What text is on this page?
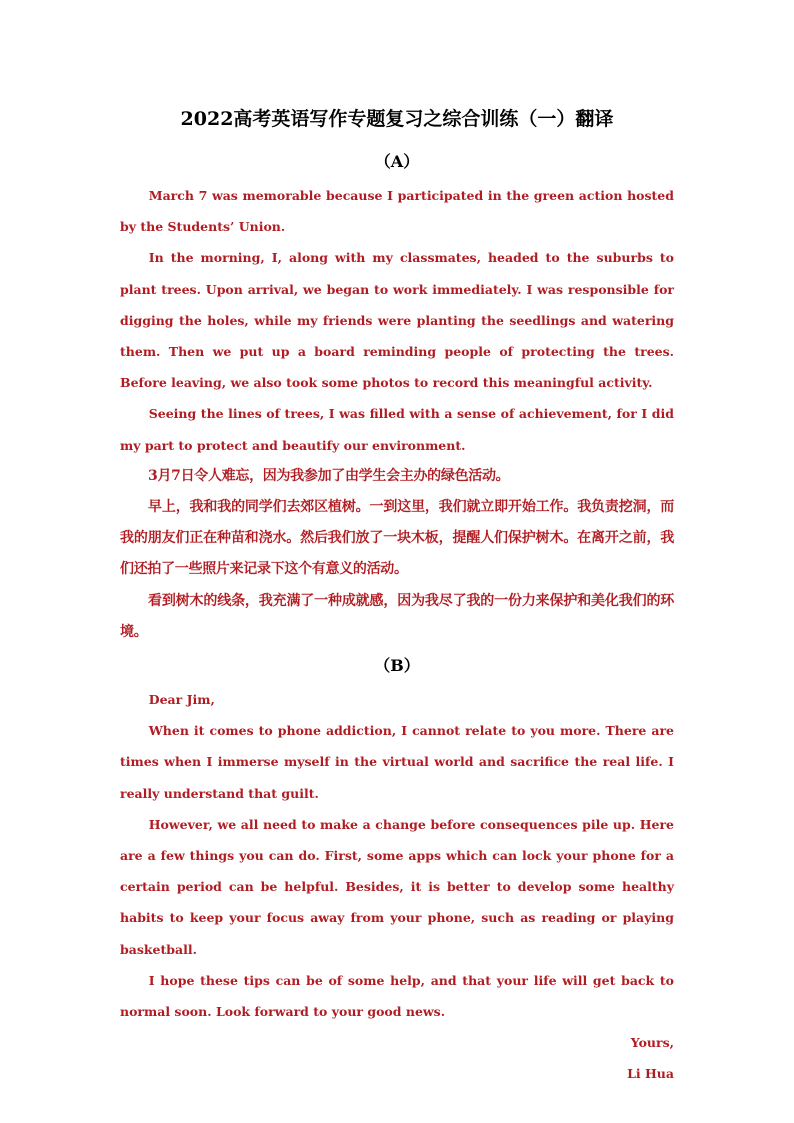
2022高考英语写作专题复习之综合训练（一）翻译
（A）

March 7 was memorable because I participated in the green action hosted by the Students’ Union.

In the morning, I, along with my classmates, headed to the suburbs to plant trees. Upon arrival, we began to work immediately. I was responsible for digging the holes, while my friends were planting the seedlings and watering them. Then we put up a board reminding people of protecting the trees. Before leaving, we also took some photos to record this meaningful activity.

Seeing the lines of trees, I was filled with a sense of achievement, for I did my part to protect and beautify our environment.

3月7日令人难忘，因为我参加了由学生会主办的绿色活动。

早上，我和我的同学们去郊区植树。一到这里，我们就立即开始工作。我负责挖洞，而我的朋友们正在种苗和浇水。然后我们放了一块木板，提醒人们保护树木。在离开之前，我们还拍了一些照片来记录下这个有意义的活动。

看到树木的线条，我充满了一种成就感，因为我尽了我的一份力来保护和美化我们的环境。

（B）

Dear Jim,

When it comes to phone addiction, I cannot relate to you more. There are times when I immerse myself in the virtual world and sacrifice the real life. I really understand that guilt.

However, we all need to make a change before consequences pile up. Here are a few things you can do. First, some apps which can lock your phone for a certain period can be helpful. Besides, it is better to develop some healthy habits to keep your focus away from your phone, such as reading or playing basketball.

I hope these tips can be of some help, and that your life will get back to normal soon. Look forward to your good news.

Yours,

Li Hua
